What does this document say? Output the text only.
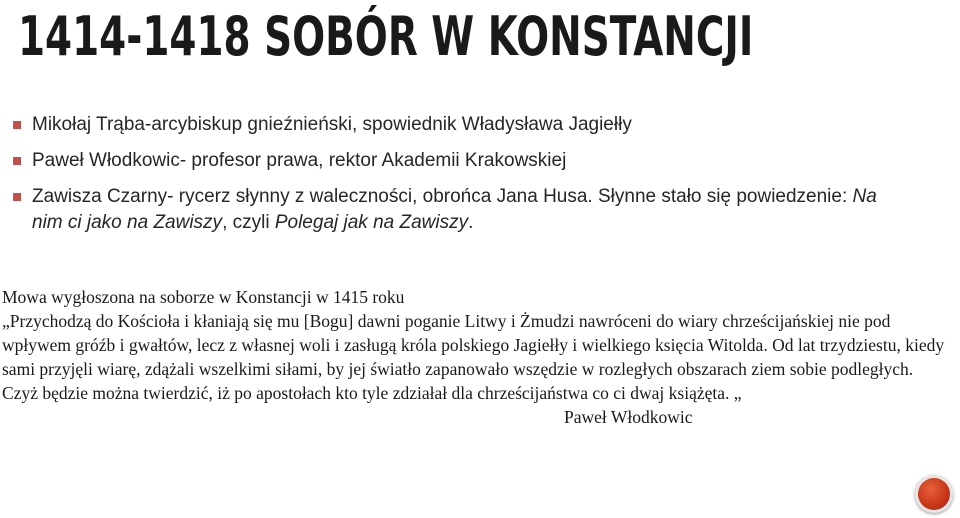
1414-1418 SOBÓR W KONSTANCJI
Mikołaj Trąba-arcybiskup gnieźnieński, spowiednik Władysława Jagiełły
Paweł Włodkowic- profesor prawa, rektor Akademii Krakowskiej
Zawisza Czarny- rycerz słynny z waleczności, obrońca Jana Husa. Słynne stało się powiedzenie: Na nim ci jako na Zawiszy, czyli Polegaj jak na Zawiszy.

Mowa wygłoszona na soborze w Konstancji w 1415 roku

„Przychodzą do Kościoła i kłaniają się mu [Bogu] dawni poganie Litwy i Żmudzi nawróceni do wiary chrześcijańskiej nie pod wpływem gróźb i gwałtów, lecz z własnej woli i zasługą króla polskiego Jagiełły i wielkiego księcia Witolda. Od lat trzydziestu, kiedy sami przyjęli wiarę, zdążali wszelkimi siłami, by jej światło zapanowało wszędzie w rozległych obszarach ziem sobie podległych. Czyż będzie można twierdzić, iż po apostołach kto tyle zdziałał dla chrześcijaństwa co ci dwaj książęta. „

Paweł Włodkowic
